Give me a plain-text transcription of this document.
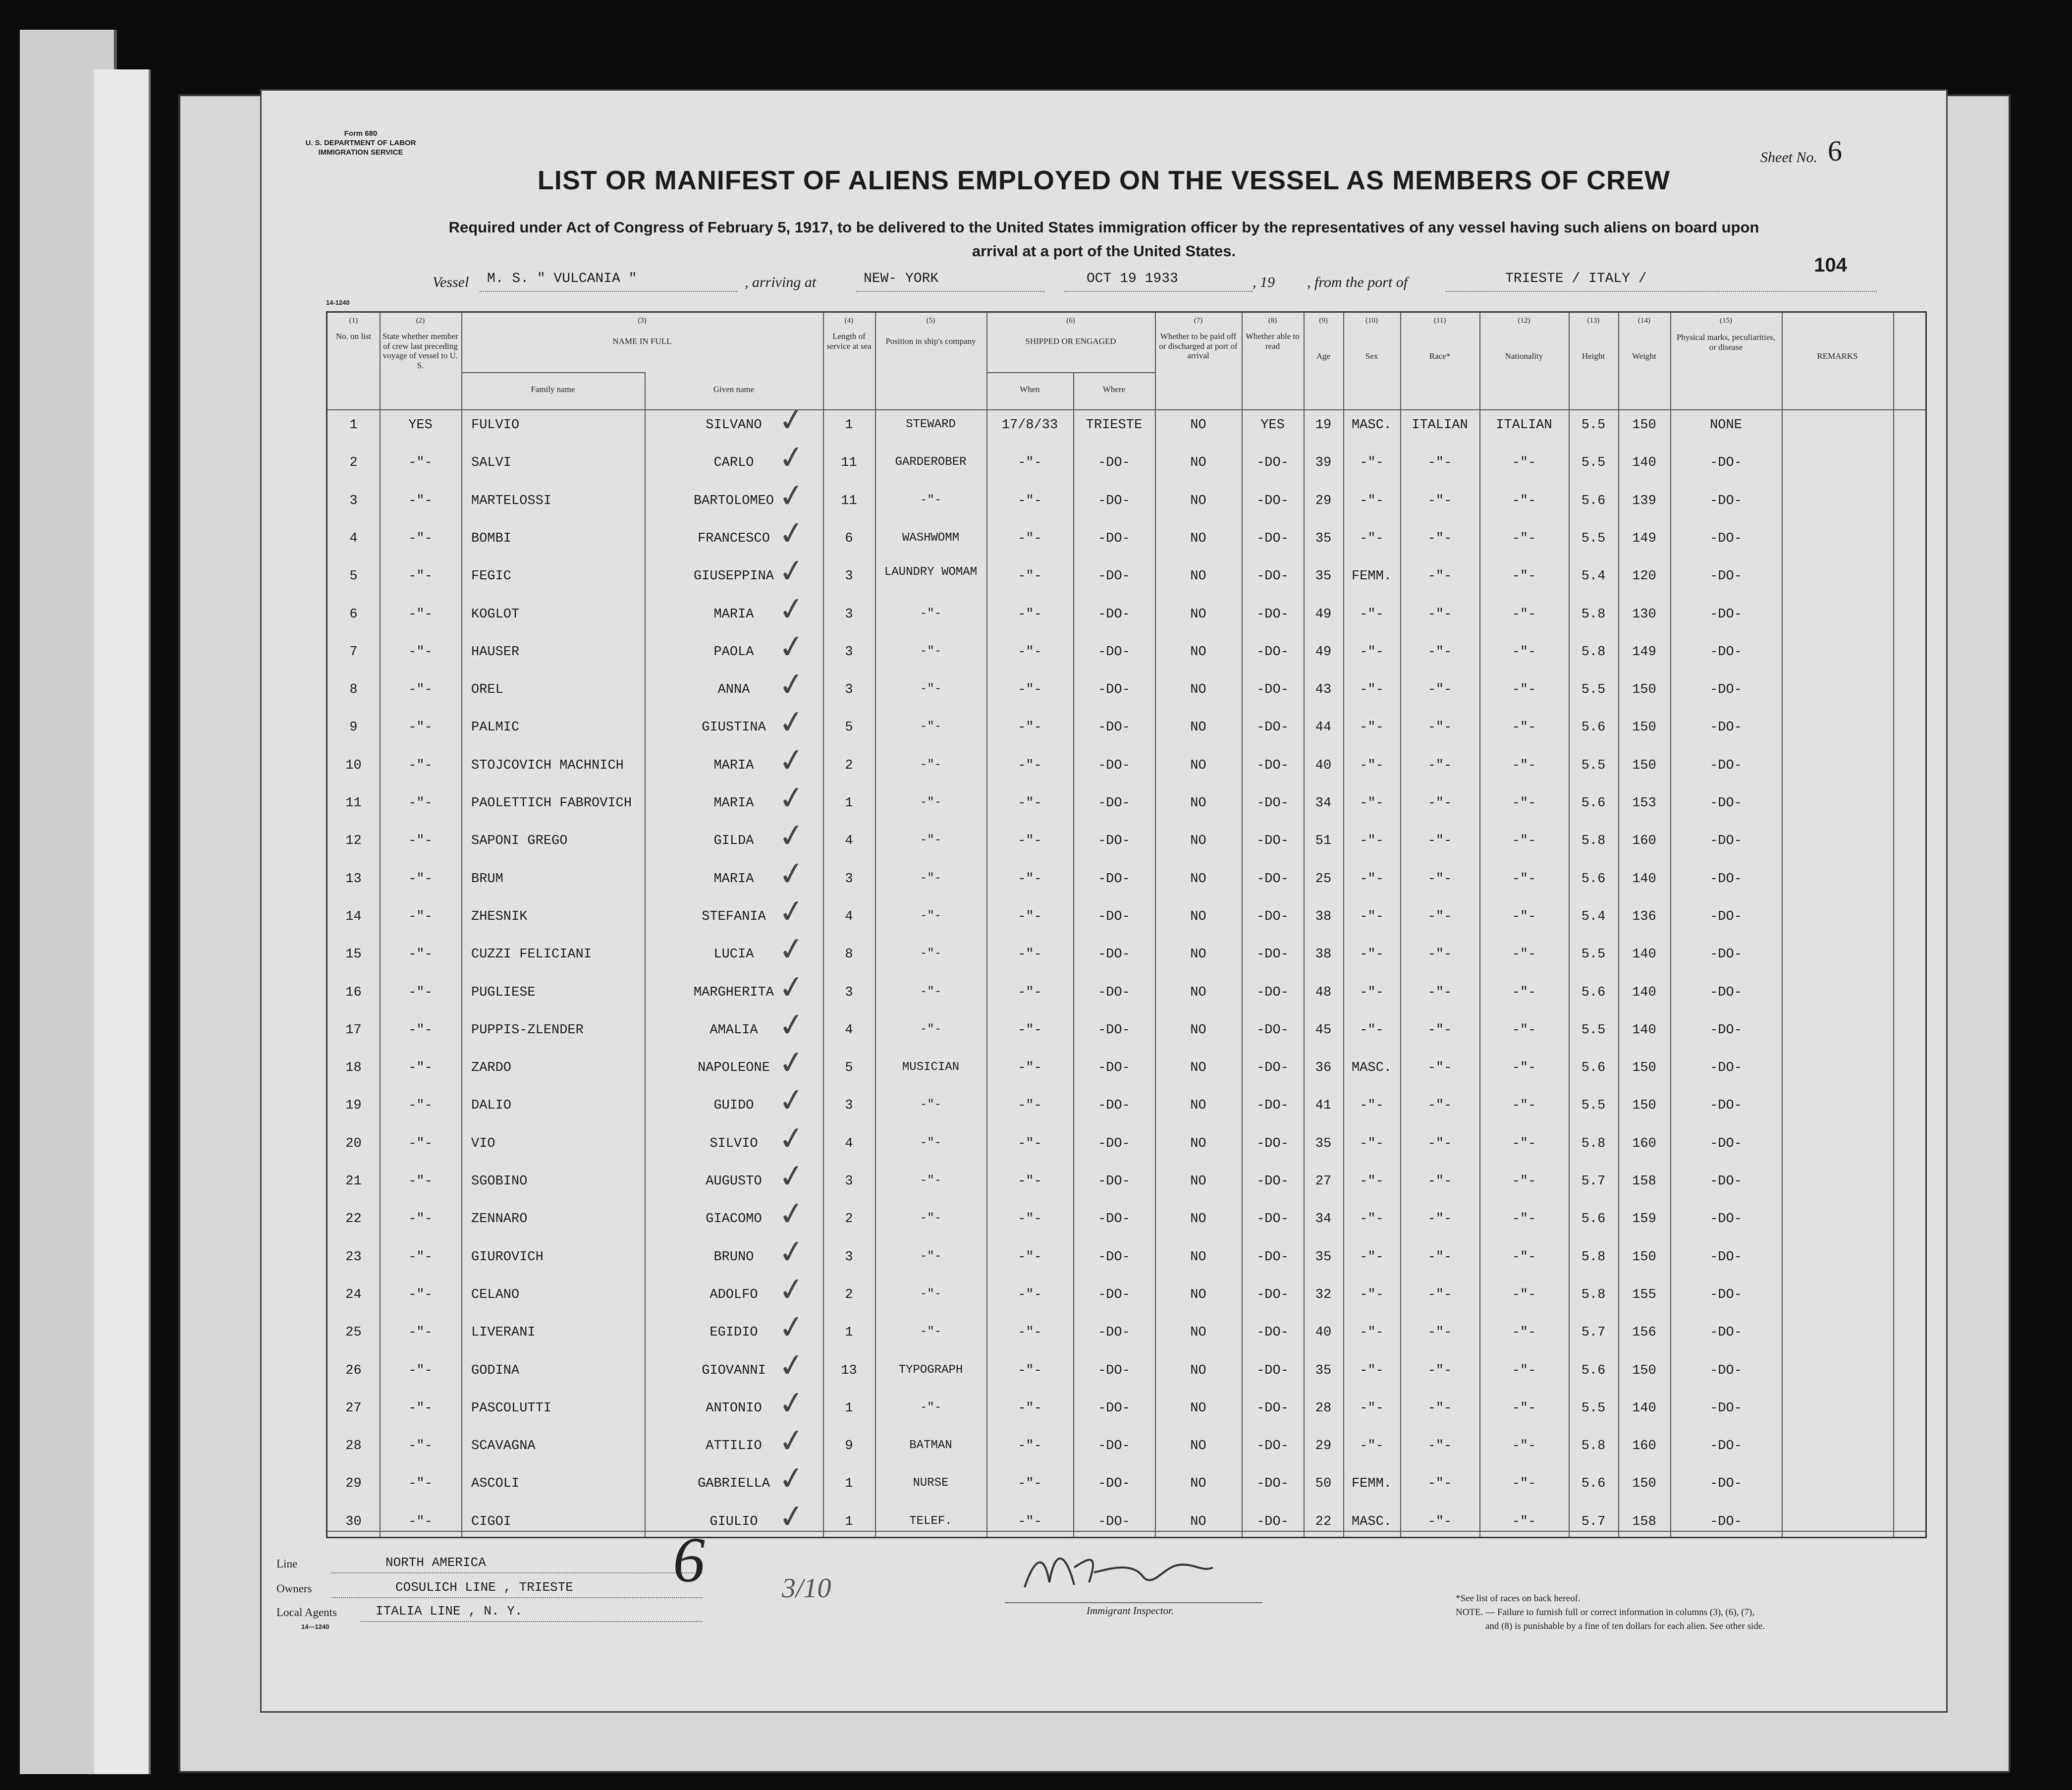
Form 680
U. S. DEPARTMENT OF LABOR
IMMIGRATION SERVICE	Sheet No. 6
LIST OR MANIFEST OF ALIENS EMPLOYED ON THE VESSEL AS MEMBERS OF CREW
Required under Act of Congress of February 5, 1917, to be delivered to the United States immigration officer by the representatives of any vessel having such aliens on board upon
arrival at a port of the United States.
104
14-1240
Vessel M. S. " VULCANIA "	, arriving at	NEW- YORK	OCT 19 1933	, 19 , from the port of	TRIESTE / ITALY /
(1)	(2)	(3)	(4)	(5)	(6)	(7)	(8)	(9)	(10)	(11)	(12)	(13)	(14)	(15)
No. on list	State whether member of crew last preceding voyage of vessel to U. S.
NAME IN FULL
Family name	Given name
Length of service at sea
Position in ship's company	SHIPPED OR ENGAGED
When	Where
Whether to be paid off or discharged at port of arrival
Whether able to read
Age	Sex	Race*	Nationality	Height	Weight
Physical marks, peculiarities, or disease
REMARKS
1	YES	FULVIO	SILVANO	1	STEWARD	17/8/33	TRIESTE	NO	YES	19	MASC.	ITALIAN	ITALIAN	5.5	150	NONE
✓
2	-"-	SALVI	CARLO	11	GARDEROBER	-"-	-DO-	NO	-DO-	39	-"-	-"-	-"-	5.5	140	-DO-
✓
3	-"-	MARTELOSSI	BARTOLOMEO	11	-"-	-"-	-DO-	NO	-DO-	29	-"-	-"-	-"-	5.6	139	-DO-
✓
4	-"-	BOMBI	FRANCESCO	6	WASHWOMM	-"-	-DO-	NO	-DO-	35	-"-	-"-	-"-	5.5	149	-DO-
✓
5	-"-	FEGIC	GIUSEPPINA	3	LAUNDRY WOMAM	-"-	-DO-	NO	-DO-	35	FEMM.	-"-	-"-	5.4	120	-DO-
✓
6	-"-	KOGLOT	MARIA	3	-"-	-"-	-DO-	NO	-DO-	49	-"-	-"-	-"-	5.8	130	-DO-
✓
7	-"-	HAUSER	PAOLA	3	-"-	-"-	-DO-	NO	-DO-	49	-"-	-"-	-"-	5.8	149	-DO-
✓
8	-"-	OREL	ANNA	3	-"-	-"-	-DO-	NO	-DO-	43	-"-	-"-	-"-	5.5	150	-DO-
✓
9	-"-	PALMIC	GIUSTINA	5	-"-	-"-	-DO-	NO	-DO-	44	-"-	-"-	-"-	5.6	150	-DO-
✓
10	-"-	STOJCOVICH MACHNICH	MARIA	2	-"-	-"-	-DO-	NO	-DO-	40	-"-	-"-	-"-	5.5	150	-DO-
✓
11	-"-	PAOLETTICH FABROVICH	MARIA	1	-"-	-"-	-DO-	NO	-DO-	34	-"-	-"-	-"-	5.6	153	-DO-
✓
12	-"-	SAPONI GREGO	GILDA	4	-"-	-"-	-DO-	NO	-DO-	51	-"-	-"-	-"-	5.8	160	-DO-
✓
13	-"-	BRUM	MARIA	3	-"-	-"-	-DO-	NO	-DO-	25	-"-	-"-	-"-	5.6	140	-DO-
✓
14	-"-	ZHESNIK	STEFANIA	4	-"-	-"-	-DO-	NO	-DO-	38	-"-	-"-	-"-	5.4	136	-DO-
✓
15	-"-	CUZZI FELICIANI	LUCIA	8	-"-	-"-	-DO-	NO	-DO-	38	-"-	-"-	-"-	5.5	140	-DO-
✓
16	-"-	PUGLIESE	MARGHERITA	3	-"-	-"-	-DO-	NO	-DO-	48	-"-	-"-	-"-	5.6	140	-DO-
✓
17	-"-	PUPPIS-ZLENDER	AMALIA	4	-"-	-"-	-DO-	NO	-DO-	45	-"-	-"-	-"-	5.5	140	-DO-
✓
18	-"-	ZARDO	NAPOLEONE	5	MUSICIAN	-"-	-DO-	NO	-DO-	36	MASC.	-"-	-"-	5.6	150	-DO-
✓
19	-"-	DALIO	GUIDO	3	-"-	-"-	-DO-	NO	-DO-	41	-"-	-"-	-"-	5.5	150	-DO-
✓
20	-"-	VIO	SILVIO	4	-"-	-"-	-DO-	NO	-DO-	35	-"-	-"-	-"-	5.8	160	-DO-
✓
21	-"-	SGOBINO	AUGUSTO	3	-"-	-"-	-DO-	NO	-DO-	27	-"-	-"-	-"-	5.7	158	-DO-
✓
22	-"-	ZENNARO	GIACOMO	2	-"-	-"-	-DO-	NO	-DO-	34	-"-	-"-	-"-	5.6	159	-DO-
✓
23	-"-	GIUROVICH	BRUNO	3	-"-	-"-	-DO-	NO	-DO-	35	-"-	-"-	-"-	5.8	150	-DO-
✓
24	-"-	CELANO	ADOLFO	2	-"-	-"-	-DO-	NO	-DO-	32	-"-	-"-	-"-	5.8	155	-DO-
✓
25	-"-	LIVERANI	EGIDIO	1	-"-	-"-	-DO-	NO	-DO-	40	-"-	-"-	-"-	5.7	156	-DO-
✓
26	-"-	GODINA	GIOVANNI	13	TYPOGRAPH	-"-	-DO-	NO	-DO-	35	-"-	-"-	-"-	5.6	150	-DO-
✓
27	-"-	PASCOLUTTI	ANTONIO	1	-"-	-"-	-DO-	NO	-DO-	28	-"-	-"-	-"-	5.5	140	-DO-
✓
28	-"-	SCAVAGNA	ATTILIO	9	BATMAN	-"-	-DO-	NO	-DO-	29	-"-	-"-	-"-	5.8	160	-DO-
✓
29	-"-	ASCOLI	GABRIELLA	1	NURSE	-"-	-DO-	NO	-DO-	50	FEMM.	-"-	-"-	5.6	150	-DO-
✓
30	-"-	CIGOI	GIULIO	1	TELEF.	-"-	-DO-	NO	-DO-	22	MASC.	-"-	-"-	5.7	158	-DO-
✓
Line	NORTH AMERICA
Owners	COSULICH LINE , TRIESTE
Local Agents	ITALIA LINE , N. Y.
14—1240
6	3/10
Immigrant Inspector.
*See list of races on back hereof.
NOTE. — Failure to furnish full or correct information in columns (3), (6), (7),
and (8) is punishable by a fine of ten dollars for each alien. See other side.
